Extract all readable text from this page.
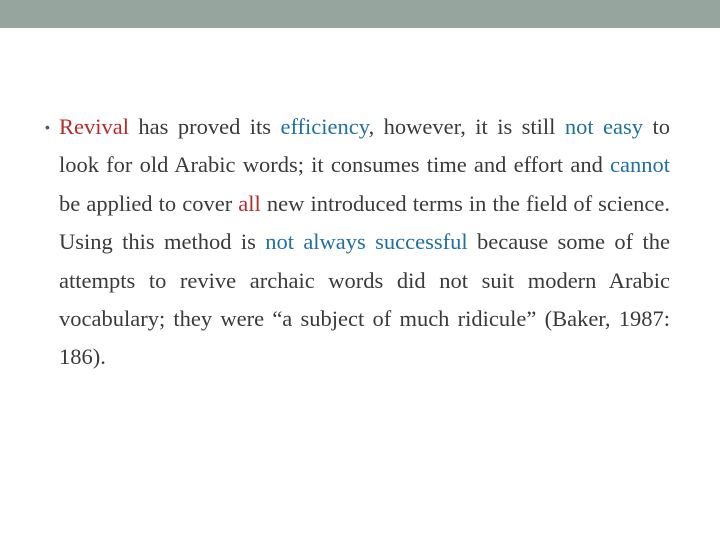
• Revival has proved its efficiency, however, it is still not easy to look for old Arabic words; it consumes time and effort and cannot be applied to cover all new introduced terms in the field of science. Using this method is not always successful because some of the attempts to revive archaic words did not suit modern Arabic vocabulary; they were “a subject of much ridicule” (Baker, 1987: 186).
